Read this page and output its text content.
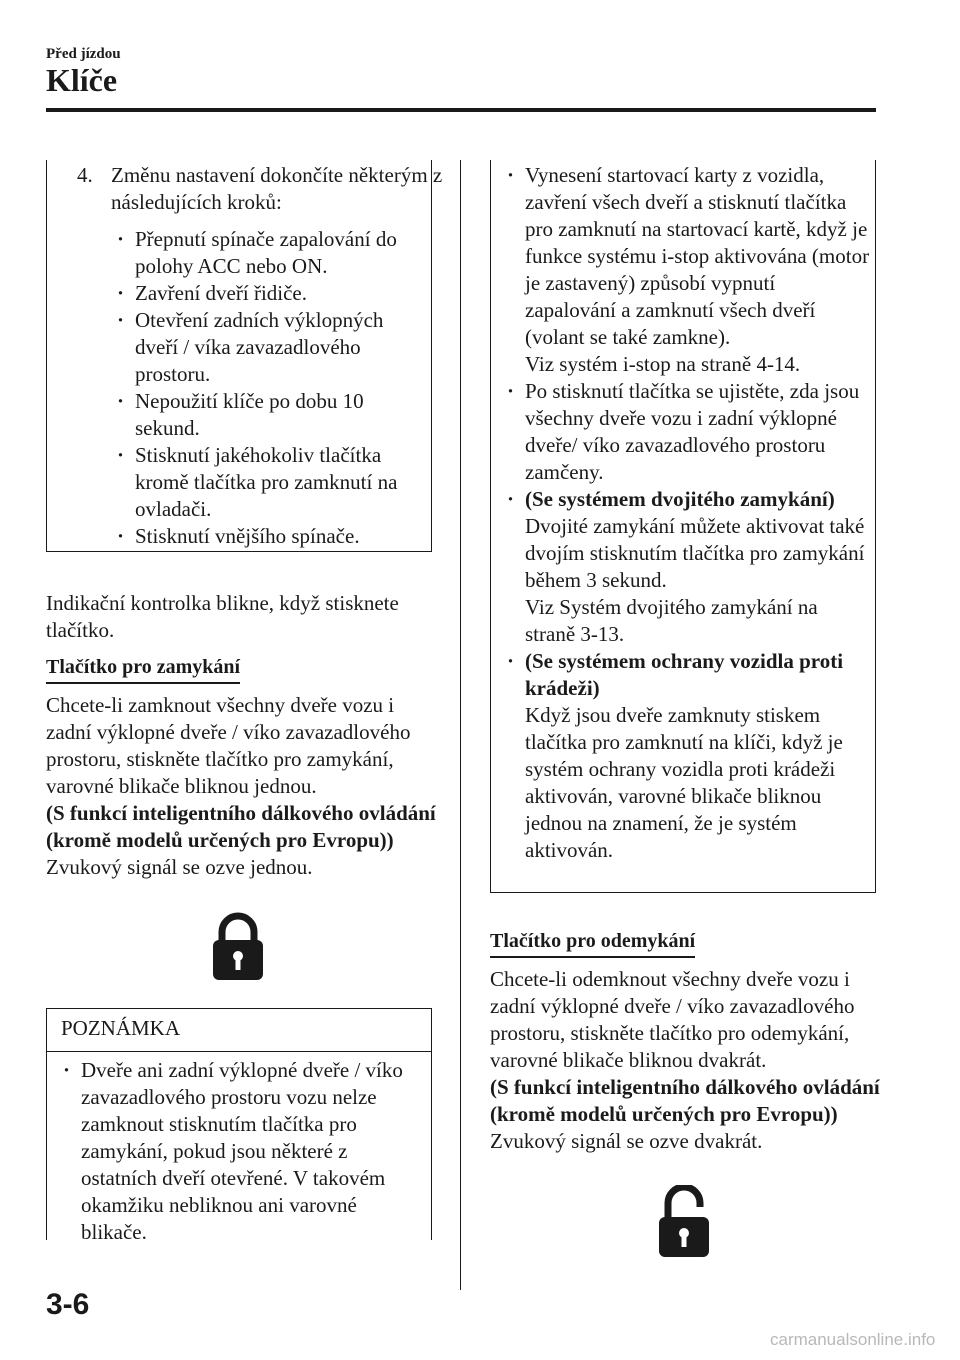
Před jízdou
Klíče
4. Změnu nastavení dokončíte některým z následujících kroků:
· Přepnutí spínače zapalování do polohy ACC nebo ON.
· Zavření dveří řidiče.
· Otevření zadních výklopných dveří / víka zavazadlového prostoru.
· Nepoužití klíče po dobu 10 sekund.
· Stisknutí jakéhokoliv tlačítka kromě tlačítka pro zamknutí na ovladači.
· Stisknutí vnějšího spínače.
Indikační kontrolka blikne, když stisknete tlačítko.
Tlačítko pro zamykání
Chcete-li zamknout všechny dveře vozu i zadní výklopné dveře / víko zavazadlového prostoru, stiskněte tlačítko pro zamykání, varovné blikače bliknou jednou.
(S funkcí inteligentního dálkového ovládání (kromě modelů určených pro Evropu))
Zvukový signál se ozve jednou.
POZNÁMKA
· Dveře ani zadní výklopné dveře / víko zavazadlového prostoru vozu nelze zamknout stisknutím tlačítka pro zamykání, pokud jsou některé z ostatních dveří otevřené. V takovém okamžiku nebliknou ani varovné blikače.
· Vynesení startovací karty z vozidla, zavření všech dveří a stisknutí tlačítka pro zamknutí na startovací kartě, když je funkce systému i-stop aktivována (motor je zastavený) způsobí vypnutí zapalování a zamknutí všech dveří (volant se také zamkne).
Viz systém i-stop na straně 4-14.
· Po stisknutí tlačítka se ujistěte, zda jsou všechny dveře vozu i zadní výklopné dveře/ víko zavazadlového prostoru zamčeny.
· (Se systémem dvojitého zamykání)
Dvojité zamykání můžete aktivovat také dvojím stisknutím tlačítka pro zamykání během 3 sekund.
Viz Systém dvojitého zamykání na straně 3-13.
· (Se systémem ochrany vozidla proti krádeži)
Když jsou dveře zamknuty stiskem tlačítka pro zamknutí na klíči, když je systém ochrany vozidla proti krádeži aktivován, varovné blikače bliknou jednou na znamení, že je systém aktivován.
Tlačítko pro odemykání
Chcete-li odemknout všechny dveře vozu i zadní výklopné dveře / víko zavazadlového prostoru, stiskněte tlačítko pro odemykání, varovné blikače bliknou dvakrát.
(S funkcí inteligentního dálkového ovládání (kromě modelů určených pro Evropu))
Zvukový signál se ozve dvakrát.
3-6
carmanualsonline.info
